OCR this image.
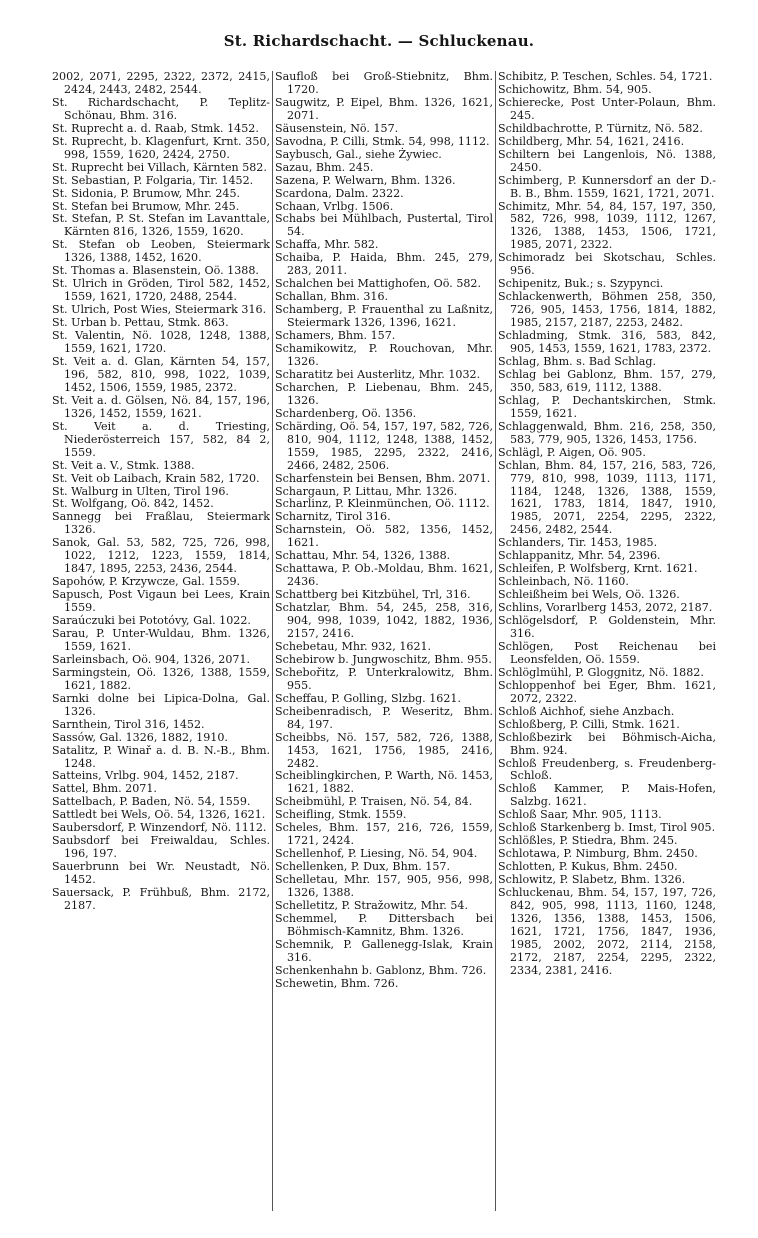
St. Richardschacht. — Schluckenau.

2002, 2071, 2295, 2322, 2372, 2415, 2424, 2443, 2482, 2544.

St. Richardschacht, P. Teplitz-Schönau, Bhm. 316.

St. Ruprecht a. d. Raab, Stmk. 1452.

St. Ruprecht, b. Klagenfurt, Krnt. 350, 998, 1559, 1620, 2424, 2750.

St. Ruprecht bei Villach, Kärnten 582.

St. Sebastian, P. Folgaria, Tir. 1452.

St. Sidonia, P. Brumow, Mhr. 245.

St. Stefan bei Brumow, Mhr. 245.

St. Stefan, P. St. Stefan im Lavanttale, Kärnten 816, 1326, 1559, 1620.

St. Stefan ob Leoben, Steiermark 1326, 1388, 1452, 1620.

St. Thomas a. Blasenstein, Oö. 1388.

St. Ulrich in Gröden, Tirol 582, 1452, 1559, 1621, 1720, 2488, 2544.

St. Ulrich, Post Wies, Steiermark 316.

St. Urban b. Pettau, Stmk. 863.

St. Valentin, Nö. 1028, 1248, 1388, 1559, 1621, 1720.

St. Veit a. d. Glan, Kärnten 54, 157, 196, 582, 810, 998, 1022, 1039, 1452, 1506, 1559, 1985, 2372.

St. Veit a. d. Gölsen, Nö. 84, 157, 196, 1326, 1452, 1559, 1621.

St. Veit a. d. Triesting, Niederösterreich 157, 582, 84 2, 1559.

St. Veit a. V., Stmk. 1388.

St. Veit ob Laibach, Krain 582, 1720.

St. Walburg in Ulten, Tirol 196.

St. Wolfgang, Oö. 842, 1452.

Sannegg bei Fraßlau, Steiermark 1326.

Sanok, Gal. 53, 582, 725, 726, 998, 1022, 1212, 1223, 1559, 1814, 1847, 1895, 2253, 2436, 2544.

Sapohów, P. Krzywcze, Gal. 1559.

Sapusch, Post Vigaun bei Lees, Krain 1559.

Saraúczuki bei Pototóvy, Gal. 1022.

Sarau, P. Unter-Wuldau, Bhm. 1326, 1559, 1621.

Sarleinsbach, Oö. 904, 1326, 2071.

Sarmingstein, Oö. 1326, 1388, 1559, 1621, 1882.

Sarnki dolne bei Lipica-Dolna, Gal. 1326.

Sarnthein, Tirol 316, 1452.

Sassów, Gal. 1326, 1882, 1910.

Satalitz, P. Winař a. d. B. N.-B., Bhm. 1248.

Satteins, Vrlbg. 904, 1452, 2187.

Sattel, Bhm. 2071.

Sattelbach, P. Baden, Nö. 54, 1559.

Sattledt bei Wels, Oö. 54, 1326, 1621.

Saubersdorf, P. Winzendorf, Nö. 1112.

Saubsdorf bei Freiwaldau, Schles. 196, 197.

Sauerbrunn bei Wr. Neustadt, Nö. 1452.

Sauersack, P. Frühbuß, Bhm. 2172, 2187.

Saufloß bei Groß-Stiebnitz, Bhm. 1720.

Saugwitz, P. Eipel, Bhm. 1326, 1621, 2071.

Säusenstein, Nö. 157.

Savodna, P. Cilli, Stmk. 54, 998, 1112.

Saybusch, Gal., siehe Żywiec.

Sazau, Bhm. 245.

Sazena, P. Welwarn, Bhm. 1326.

Scardona, Dalm. 2322.

Schaan, Vrlbg. 1506.

Schabs bei Mühlbach, Pustertal, Tirol 54.

Schaffa, Mhr. 582.

Schaiba, P. Haida, Bhm. 245, 279, 283, 2011.

Schalchen bei Mattighofen, Oö. 582.

Schallan, Bhm. 316.

Schamberg, P. Frauenthal zu Laßnitz, Steiermark 1326, 1396, 1621.

Schamers, Bhm. 157.

Schamikowitz, P. Rouchovan, Mhr. 1326.

Scharatitz bei Austerlitz, Mhr. 1032.

Scharchen, P. Liebenau, Bhm. 245, 1326.

Schardenberg, Oö. 1356.

Schärding, Oö. 54, 157, 197, 582, 726, 810, 904, 1112, 1248, 1388, 1452, 1559, 1985, 2295, 2322, 2416, 2466, 2482, 2506.

Scharfenstein bei Bensen, Bhm. 2071.

Schargaun, P. Littau, Mhr. 1326.

Scharlinz, P. Kleinmünchen, Oö. 1112.

Scharnitz, Tirol 316.

Scharnstein, Oö. 582, 1356, 1452, 1621.

Schattau, Mhr. 54, 1326, 1388.

Schattawa, P. Ob.-Moldau, Bhm. 1621, 2436.

Schattberg bei Kitzbühel, Trl, 316.

Schatzlar, Bhm. 54, 245, 258, 316, 904, 998, 1039, 1042, 1882, 1936, 2157, 2416.

Schebetau, Mhr. 932, 1621.

Schebirow b. Jungwoschitz, Bhm. 955.

Schebořitz, P. Unterkralowitz, Bhm. 955.

Scheffau, P. Golling, Slzbg. 1621.

Scheibenradisch, P. Weseritz, Bhm. 84, 197.

Scheibbs, Nö. 157, 582, 726, 1388, 1453, 1621, 1756, 1985, 2416, 2482.

Scheiblingkirchen, P. Warth, Nö. 1453, 1621, 1882.

Scheibmühl, P. Traisen, Nö. 54, 84.

Scheifling, Stmk. 1559.

Scheles, Bhm. 157, 216, 726, 1559, 1721, 2424.

Schellenhof, P. Liesing, Nö. 54, 904.

Schellenken, P. Dux, Bhm. 157.

Schelletau, Mhr. 157, 905, 956, 998, 1326, 1388.

Schelletitz, P. Stražowitz, Mhr. 54.

Schemmel, P. Dittersbach bei Böhmisch-Kamnitz, Bhm. 1326.

Schemnik, P. Gallenegg-Islak, Krain 316.

Schenkenhahn b. Gablonz, Bhm. 726.

Schewetin, Bhm. 726.

Schibitz, P. Teschen, Schles. 54, 1721.

Schichowitz, Bhm. 54, 905.

Schierecke, Post Unter-Polaun, Bhm. 245.

Schildbachrotte, P. Türnitz, Nö. 582.

Schildberg, Mhr. 54, 1621, 2416.

Schiltern bei Langenlois, Nö. 1388, 2450.

Schimberg, P. Kunnersdorf an der D.-B. B., Bhm. 1559, 1621, 1721, 2071.

Schimitz, Mhr. 54, 84, 157, 197, 350, 582, 726, 998, 1039, 1112, 1267, 1326, 1388, 1453, 1506, 1721, 1985, 2071, 2322.

Schimoradz bei Skotschau, Schles. 956.

Schipenitz, Buk.; s. Szypynci.

Schlackenwerth, Böhmen 258, 350, 726, 905, 1453, 1756, 1814, 1882, 1985, 2157, 2187, 2253, 2482.

Schladming, Stmk. 316, 583, 842, 905, 1453, 1559, 1621, 1783, 2372.

Schlag, Bhm. s. Bad Schlag.

Schlag bei Gablonz, Bhm. 157, 279, 350, 583, 619, 1112, 1388.

Schlag, P. Dechantskirchen, Stmk. 1559, 1621.

Schlaggenwald, Bhm. 216, 258, 350, 583, 779, 905, 1326, 1453, 1756.

Schlägl, P. Aigen, Oö. 905.

Schlan, Bhm. 84, 157, 216, 583, 726, 779, 810, 998, 1039, 1113, 1171, 1184, 1248, 1326, 1388, 1559, 1621, 1783, 1814, 1847, 1910, 1985, 2071, 2254, 2295, 2322, 2456, 2482, 2544.

Schlanders, Tir. 1453, 1985.

Schlappanitz, Mhr. 54, 2396.

Schleifen, P. Wolfsberg, Krnt. 1621.

Schleinbach, Nö. 1160.

Schleißheim bei Wels, Oö. 1326.

Schlins, Vorarlberg 1453, 2072, 2187.

Schlögelsdorf, P. Goldenstein, Mhr. 316.

Schlögen, Post Reichenau bei Leonsfelden, Oö. 1559.

Schlöglmühl, P. Gloggnitz, Nö. 1882.

Schloppenhof bei Eger, Bhm. 1621, 2072, 2322.

Schloß Aichhof, siehe Anzbach.

Schloßberg, P. Cilli, Stmk. 1621.

Schloßbezirk bei Böhmisch-Aicha, Bhm. 924.

Schloß Freudenberg, s. Freudenberg-Schloß.

Schloß Kammer, P. Mais-Hofen, Salzbg. 1621.

Schloß Saar, Mhr. 905, 1113.

Schloß Starkenberg b. Imst, Tirol 905.

Schlößles, P. Stiedra, Bhm. 245.

Schlotawa, P. Nimburg, Bhm. 2450.

Schlotten, P. Kukus, Bhm. 2450.

Schlowitz, P. Slabetz, Bhm. 1326.

Schluckenau, Bhm. 54, 157, 197, 726, 842, 905, 998, 1113, 1160, 1248, 1326, 1356, 1388, 1453, 1506, 1621, 1721, 1756, 1847, 1936, 1985, 2002, 2072, 2114, 2158, 2172, 2187, 2254, 2295, 2322, 2334, 2381, 2416.
